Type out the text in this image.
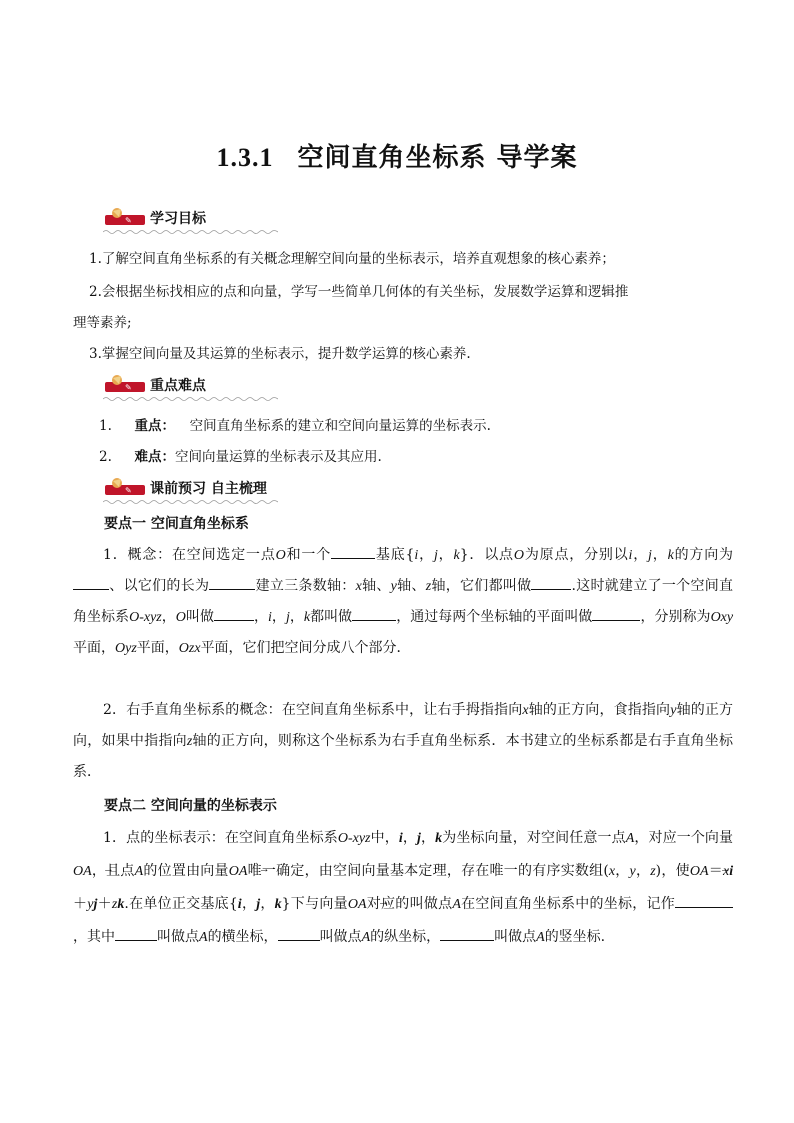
1.3.1 空间直角坐标系 导学案
✎ 学习目标
1.了解空间直角坐标系的有关概念理解空间向量的坐标表示，培养直观想象的核心素养；
2.会根据坐标找相应的点和向量，学写一些简单几何体的有关坐标，发展数学运算和逻辑推
理等素养;
3.掌握空间向量及其运算的坐标表示，提升数学运算的核心素养.
✎ 重点难点
1. 重点： 空间直角坐标系的建立和空间向量运算的坐标表示.
2. 难点：空间向量运算的坐标表示及其应用.
✎ 课前预习 自主梳理
要点一 空间直角坐标系
1．概念：在空间选定一点O和一个	基底{i，j，k}．以点O为原点，分别以i，j，k的方向为、以它们的长为	建立三条数轴：x轴、y轴、z轴，它们都叫做	.这时就建立了一个空间直角坐标系O-xyz，O叫做	，i，j，k都叫做	，通过每两个坐标轴的平面叫做	，分别称为Oxy平面，Oyz平面，Ozx平面，它们把空间分成八个部分．
2．右手直角坐标系的概念：在空间直角坐标系中，让右手拇指指向x轴的正方向，食指指向y轴的正方向，如果中指指向z轴的正方向，则称这个坐标系为右手直角坐标系．本书建立的坐标系都是右手直角坐标系．
要点二 空间向量的坐标表示
1．点的坐标表示：在空间直角坐标系O-xyz中，i，j，k为坐标向量，对空间任意一点A，对应一个向量→ OA，且点A的位置由向量→ OA唯一确定，由空间向量基本定理，存在唯一的有序实数组(x，y，z)，使→ OA＝xi＋yj＋zk.在单位正交基底{i，j，k}下与向量→ OA对应的叫做点A在空间直角坐标系中的坐标，记作，其中	叫做点A的横坐标，	叫做点A的纵坐标，	叫做点A的竖坐标.
